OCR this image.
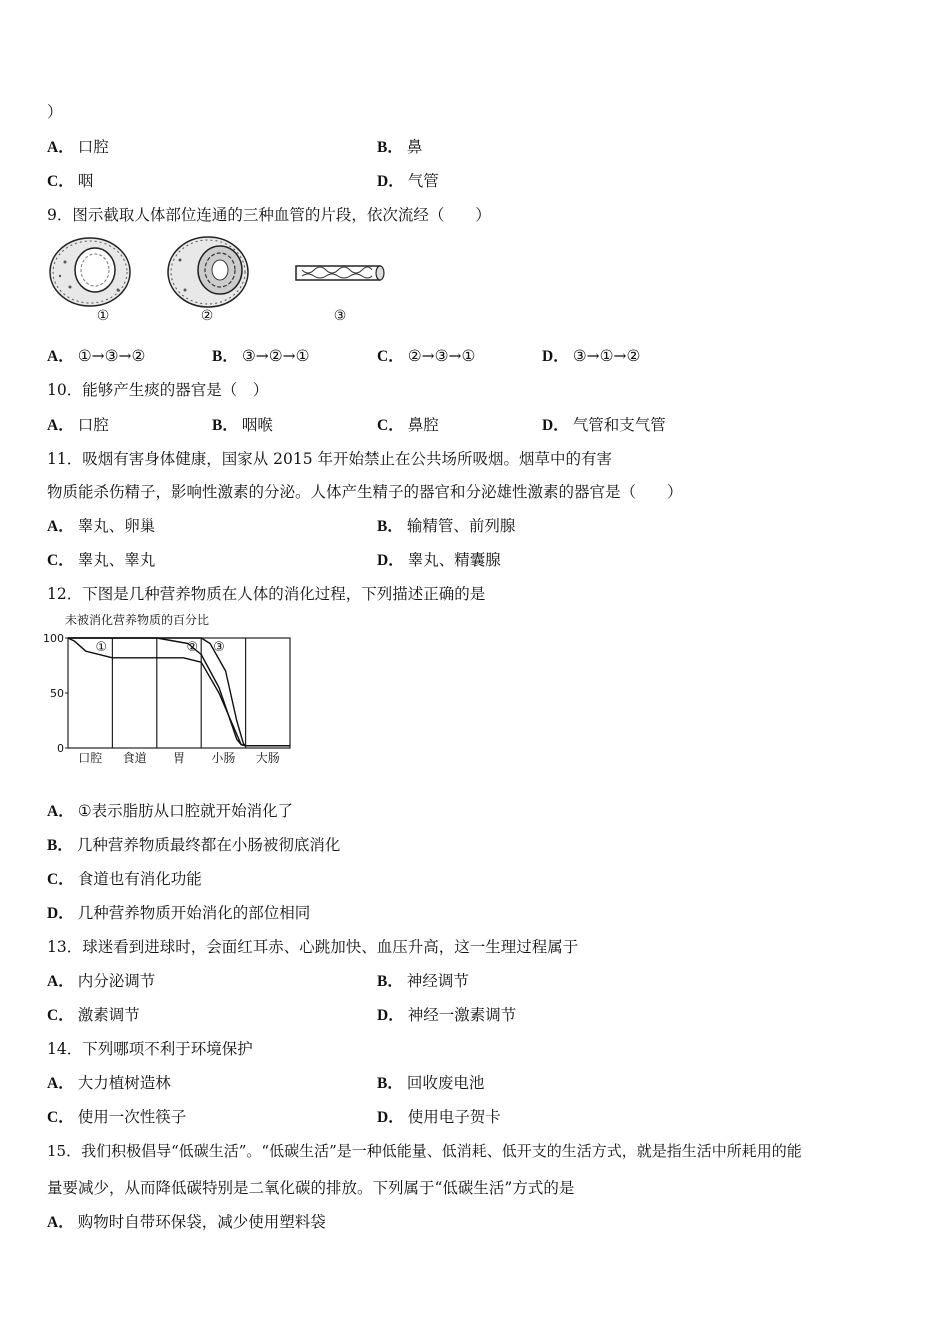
）
A． 口腔	B． 鼻
C． 咽	D． 气管
9．图示截取人体部位连通的三种血管的片段，依次流经（　　）
①	②	③
A． ①→③→②	B． ③→②→①	C． ②→③→①	D． ③→①→②
10．能够产生痰的器官是（　）
A． 口腔	B． 咽喉	C． 鼻腔	D． 气管和支气管
11．吸烟有害身体健康，国家从 2015 年开始禁止在公共场所吸烟。烟草中的有害
物质能杀伤精子，影响性激素的分泌。人体产生精子的器官和分泌雄性激素的器官是（　　）
A． 睾丸、卵巢	B． 输精管、前列腺
C． 睾丸、睾丸	D． 睾丸、精囊腺
12．下图是几种营养物质在人体的消化过程，下列描述正确的是
未被消化营养物质的百分比
0
50
100
口腔 食道 胃 小肠 大肠
①	② ③
A． ①表示脂肪从口腔就开始消化了
B． 几种营养物质最终都在小肠被彻底消化
C． 食道也有消化功能
D． 几种营养物质开始消化的部位相同
13．球迷看到进球时，会面红耳赤、心跳加快、血压升高，这一生理过程属于
A． 内分泌调节	B． 神经调节
C． 激素调节	D． 神经一激素调节
14．下列哪项不利于环境保护
A． 大力植树造林	B． 回收废电池
C． 使用一次性筷子	D． 使用电子贺卡
15．我们积极倡导“低碳生活”。“低碳生活”是一种低能量、低消耗、低开支的生活方式，就是指生活中所耗用的能
量要减少，从而降低碳特别是二氧化碳的排放。下列属于“低碳生活”方式的是
A． 购物时自带环保袋，减少使用塑料袋
